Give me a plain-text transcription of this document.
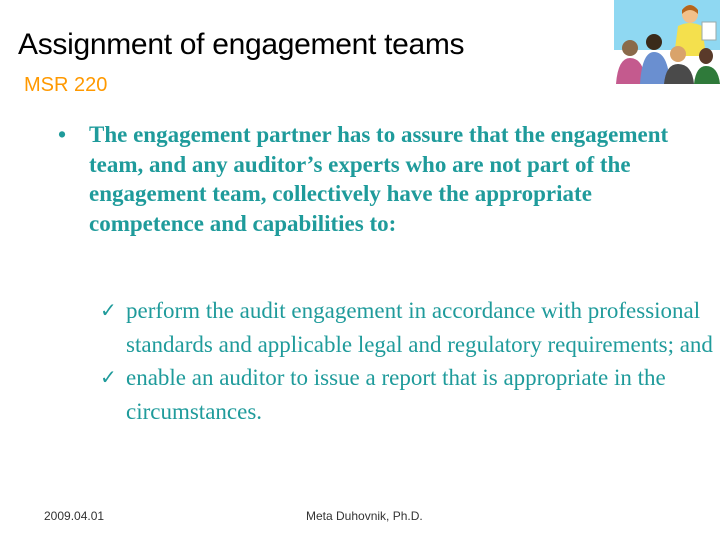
Assignment of engagement teams
MSR 220
• The engagement partner has to assure that the engagement team, and any auditor’s experts who are not part of the engagement team, collectively have the appropriate competence and capabilities to:
✓ perform the audit engagement in accordance with professional standards and applicable legal and regulatory requirements; and
✓ enable an auditor to issue a report that is appropriate in the circumstances.
2009.04.01	Meta Duhovnik, Ph.D.
